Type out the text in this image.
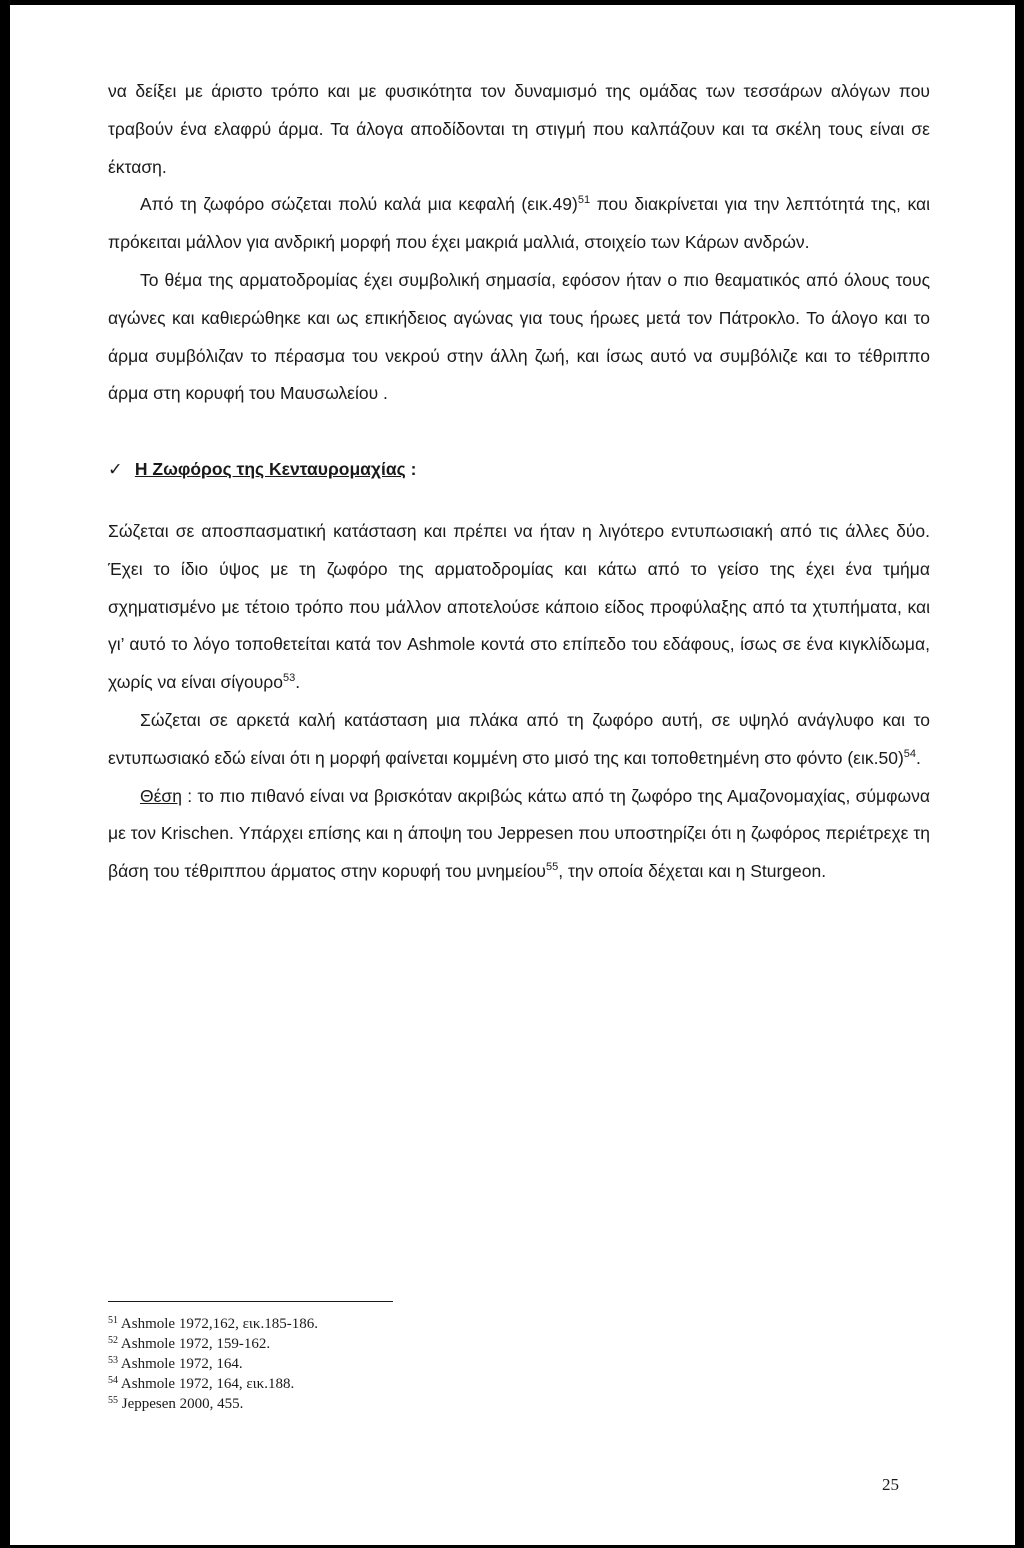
να δείξει με άριστο τρόπο και με φυσικότητα τον δυναμισμό της ομάδας των τεσσάρων αλόγων που τραβούν ένα ελαφρύ άρμα. Τα άλογα αποδίδονται τη στιγμή που καλπάζουν και τα σκέλη τους είναι σε έκταση.

Από τη ζωφόρο σώζεται πολύ καλά μια κεφαλή $(\varepsilon\iota\kappa.49)^{51}$ που διακρίνεται για την λεπτότητά της, και πρόκειται μάλλον για ανδρική μορφή που έχει μακριά μαλλιά, στοιχείο των Κάρων ανδρών.

Το θέμα της αρματοδρομίας έχει συμβολική σημασία, εφόσον ήταν ο πιο θεαματικός από όλους τους αγώνες και καθιερώθηκε και ως επικήδειος αγώνας για τους ήρωες μετά τον Πάτροκλο. Το άλογο και το άρμα συμβόλιζαν το πέρασμα του νεκρού στην άλλη ζωή, και ίσως αυτό να συμβόλιζε και το τέθριππο άρμα στη κορυφή του Μαυσωλείου .

✓ Η Ζωφόρος της Κενταυρομαχίας :

Σώζεται σε αποσπασματική κατάσταση και πρέπει να ήταν η λιγότερο εντυπωσιακή από τις άλλες δύο. Έχει το ίδιο ύψος με τη ζωφόρο της αρματοδρομίας και κάτω από το γείσο της έχει ένα τμήμα σχηματισμένο με τέτοιο τρόπο που μάλλον αποτελούσε κάποιο είδος προφύλαξης από τα χτυπήματα, και γι’ αυτό το λόγο τοποθετείται κατά τον Ashmole κοντά στο επίπεδο του εδάφους, ίσως σε ένα κιγκλίδωμα, χωρίς να είναι σίγουρο$^{53}$.

Σώζεται σε αρκετά καλή κατάσταση μια πλάκα από τη ζωφόρο αυτή, σε υψηλό ανάγλυφο και το εντυπωσιακό εδώ είναι ότι η μορφή φαίνεται κομμένη στο μισό της και τοποθετημένη στο φόντο $(\varepsilon\iota\kappa.50)^{54}$.

Θέση : το πιο πιθανό είναι να βρισκόταν ακριβώς κάτω από τη ζωφόρο της Αμαζονομαχίας, σύμφωνα με τον Krischen. Υπάρχει επίσης και η άποψη του Jeppesen που υποστηρίζει ότι η ζωφόρος περιέτρεχε τη βάση του τέθριππου άρματος στην κορυφή του μνημείου$^{55}$, την οποία δέχεται και η Sturgeon.

$^{51}$ Ashmole 1972,162, εικ.185-186.
$^{52}$ Ashmole 1972, 159-162.
$^{53}$ Ashmole 1972, 164.
$^{54}$ Ashmole 1972, 164, εικ.188.
$^{55}$ Jeppesen 2000, 455.
25
